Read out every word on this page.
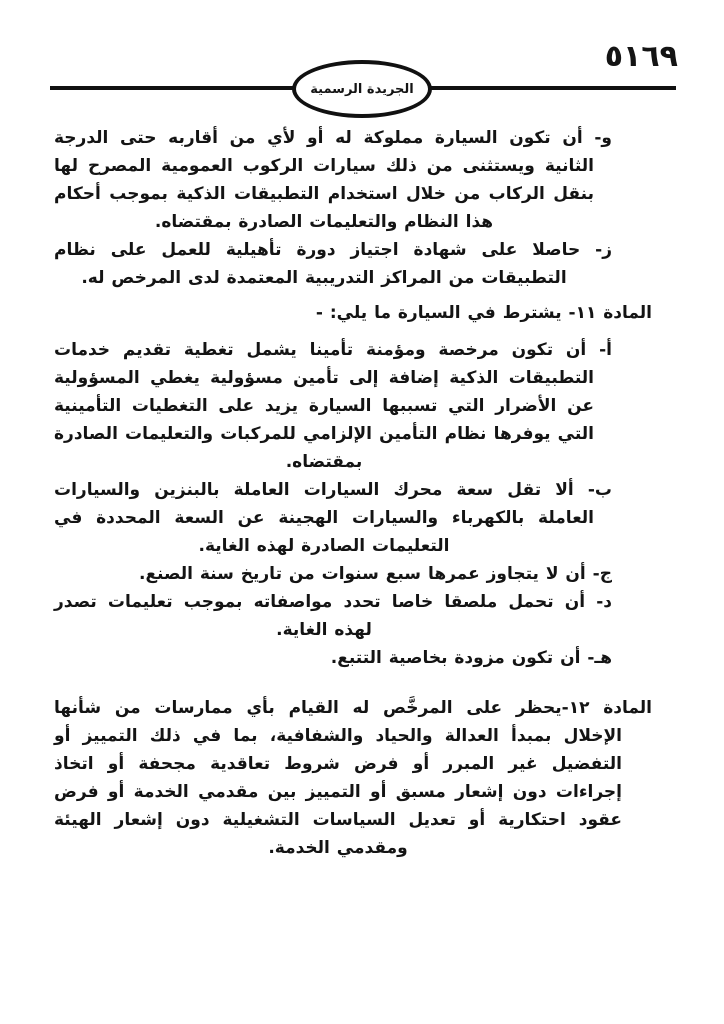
٥١٦٩
الجريدة الرسمية

و- أن تكون السيارة مملوكة له أو لأي من أقاربه حتى الدرجة الثانية ويستثنى من ذلك سيارات الركوب العمومية المصرح لها بنقل الركاب من خلال استخدام التطبيقات الذكية بموجب أحكام هذا النظام والتعليمات الصادرة بمقتضاه.

ز- حاصلا على شهادة اجتياز دورة تأهيلية للعمل على نظام التطبيقات من المراكز التدريبية المعتمدة لدى المرخص له.

المادة ١١- يشترط في السيارة ما يلي: -

أ- أن تكون مرخصة ومؤمنة تأمينا يشمل تغطية تقديم خدمات التطبيقات الذكية إضافة إلى تأمين مسؤولية يغطي المسؤولية عن الأضرار التي تسببها السيارة يزيد على التغطيات التأمينية التي يوفرها نظام التأمين الإلزامي للمركبات والتعليمات الصادرة بمقتضاه.

ب- ألا تقل سعة محرك السيارات العاملة بالبنزين والسيارات العاملة بالكهرباء والسيارات الهجينة عن السعة المحددة في التعليمات الصادرة لهذه الغاية.

ج- أن لا يتجاوز عمرها سبع سنوات من تاريخ سنة الصنع.

د- أن تحمل ملصقا خاصا تحدد مواصفاته بموجب تعليمات تصدر لهذه الغاية.

هـ- أن تكون مزودة بخاصية التتبع.

المادة ١٢-يحظر على المرخَّص له القيام بأي ممارسات من شأنها الإخلال بمبدأ العدالة والحياد والشفافية، بما في ذلك التمييز أو التفضيل غير المبرر أو فرض شروط تعاقدية مجحفة أو اتخاذ إجراءات دون إشعار مسبق أو التمييز بين مقدمي الخدمة أو فرض عقود احتكارية أو تعديل السياسات التشغيلية دون إشعار الهيئة ومقدمي الخدمة.
